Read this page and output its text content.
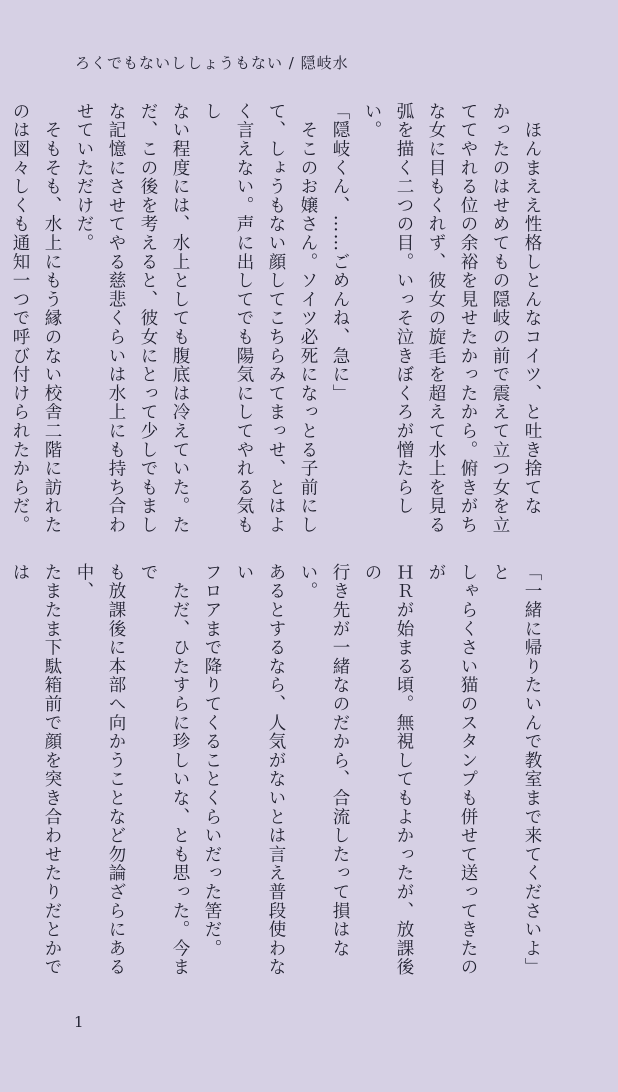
ろくでもないししょうもない / 隠岐水

　ほんまええ性格しとんなコイツ、と吐き捨てな
かったのはせめてもの隠岐の前で震えて立つ女を立
ててやれる位の余裕を見せたかったから。俯きがち
な女に目もくれず、彼女の旋毛を超えて水上を見る
弧を描く二つの目。いっそ泣きぼくろが憎たらしい。

「隠岐くん、……ごめんね、急に」

　そこのお嬢さん。ソイツ必死になっとる子前にし
て、しょうもない顔してこちらみてまっせ、とはよ
く言えない。声に出してでも陽気にしてやれる気もし
ない程度には、水上としても腹底は冷えていた。た
だ、この後を考えると、彼女にとって少しでもまし
な記憶にさせてやる慈悲くらいは水上にも持ち合わ
せていただけだ。

　そもそも、水上にもう縁のない校舎二階に訪れた
のは図々しくも通知一つで呼び付けられたからだ。

「一緒に帰りたいんで教室まで来てくださいよ」と
しゃらくさい猫のスタンプも併せて送ってきたのが
ＨＲが始まる頃。無視してもよかったが、放課後の
行き先が一緒なのだから、合流したって損はない。
あるとするなら、人気がないとは言え普段使わない
フロアまで降りてくることくらいだった筈だ。

　ただ、ひたすらに珍しいな、とも思った。今まで
も放課後に本部へ向かうことなど勿論ざらにある中、
たまたま下駄箱前で顔を突き合わせたりだとかでは

1
